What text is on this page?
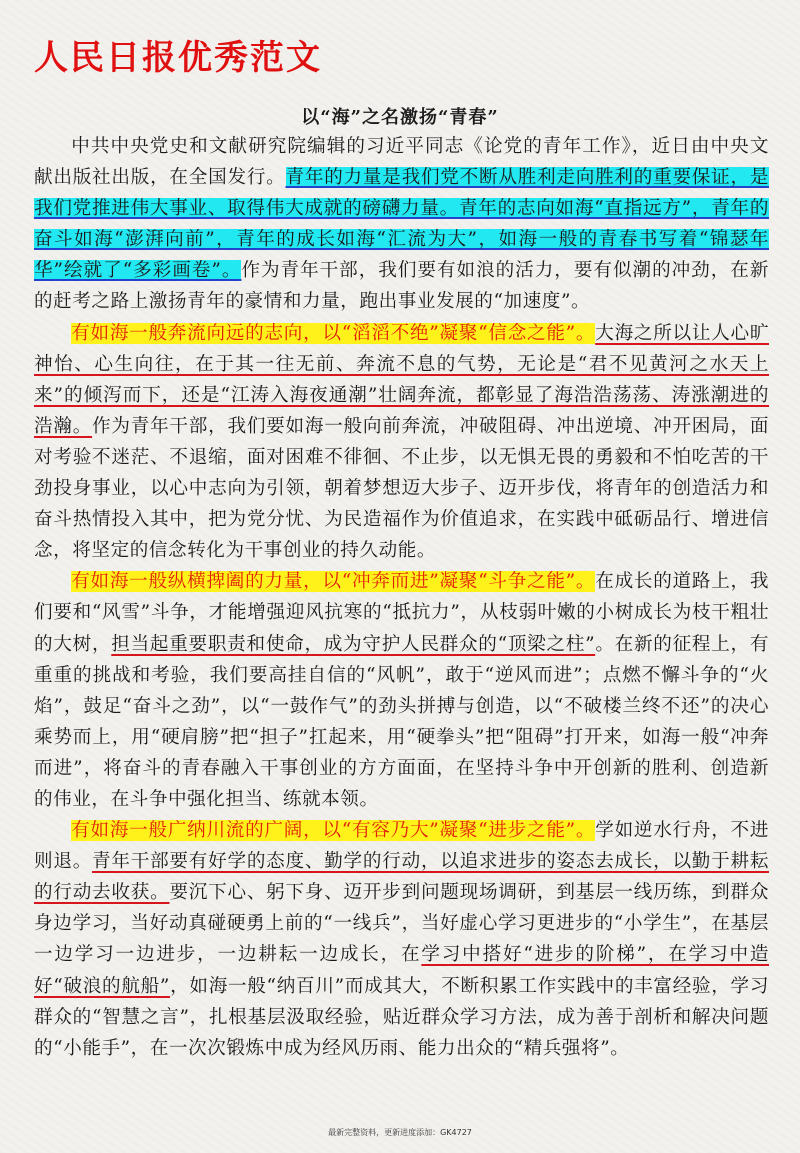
人民日报优秀范文
以“海”之名激扬“青春”

中共中央党史和文献研究院编辑的习近平同志《论党的青年工作》，近日由中央文献出版社出版，在全国发行。青年的力量是我们党不断从胜利走向胜利的重要保证，是我们党推进伟大事业、取得伟大成就的磅礴力量。青年的志向如海“直指远方”，青年的奋斗如海“澎湃向前”，青年的成长如海“汇流为大”，如海一般的青春书写着“锦瑟年华”绘就了“多彩画卷”。作为青年干部，我们要有如浪的活力，要有似潮的冲劲，在新的赶考之路上激扬青年的豪情和力量，跑出事业发展的“加速度”。

有如海一般奔流向远的志向，以“滔滔不绝”凝聚“信念之能”。大海之所以让人心旷神怡、心生向往，在于其一往无前、奔流不息的气势，无论是“君不见黄河之水天上来”的倾泻而下，还是“江涛入海夜通潮”壮阔奔流，都彰显了海浩浩荡荡、涛涨潮进的浩瀚。作为青年干部，我们要如海一般向前奔流，冲破阻碍、冲出逆境、冲开困局，面对考验不迷茫、不退缩，面对困难不徘徊、不止步，以无惧无畏的勇毅和不怕吃苦的干劲投身事业，以心中志向为引领，朝着梦想迈大步子、迈开步伐，将青年的创造活力和奋斗热情投入其中，把为党分忧、为民造福作为价值追求，在实践中砥砺品行、增进信念，将坚定的信念转化为干事创业的持久动能。

有如海一般纵横捭阖的力量，以“冲奔而进”凝聚“斗争之能”。在成长的道路上，我们要和“风雪”斗争，才能增强迎风抗寒的“抵抗力”，从枝弱叶嫩的小树成长为枝干粗壮的大树，担当起重要职责和使命，成为守护人民群众的“顶梁之柱”。在新的征程上，有重重的挑战和考验，我们要高挂自信的“风帆”，敢于“逆风而进”；点燃不懈斗争的“火焰”，鼓足“奋斗之劲”，以“一鼓作气”的劲头拼搏与创造，以“不破楼兰终不还”的决心乘势而上，用“硬肩膀”把“担子”扛起来，用“硬拳头”把“阻碍”打开来，如海一般“冲奔而进”，将奋斗的青春融入干事创业的方方面面，在坚持斗争中开创新的胜利、创造新的伟业，在斗争中强化担当、练就本领。

有如海一般广纳川流的广阔，以“有容乃大”凝聚“进步之能”。学如逆水行舟，不进则退。青年干部要有好学的态度、勤学的行动，以追求进步的姿态去成长，以勤于耕耘的行动去收获。要沉下心、躬下身、迈开步到问题现场调研，到基层一线历练，到群众身边学习，当好动真碰硬勇上前的“一线兵”，当好虚心学习更进步的“小学生”，在基层一边学习一边进步，一边耕耘一边成长，在学习中搭好“进步的阶梯”，在学习中造好“破浪的航船”，如海一般“纳百川”而成其大，不断积累工作实践中的丰富经验，学习群众的“智慧之言”，扎根基层汲取经验，贴近群众学习方法，成为善于剖析和解决问题的“小能手”，在一次次锻炼中成为经风历雨、能力出众的“精兵强将”。

最新完整资料，更新进度添加：GK4727
